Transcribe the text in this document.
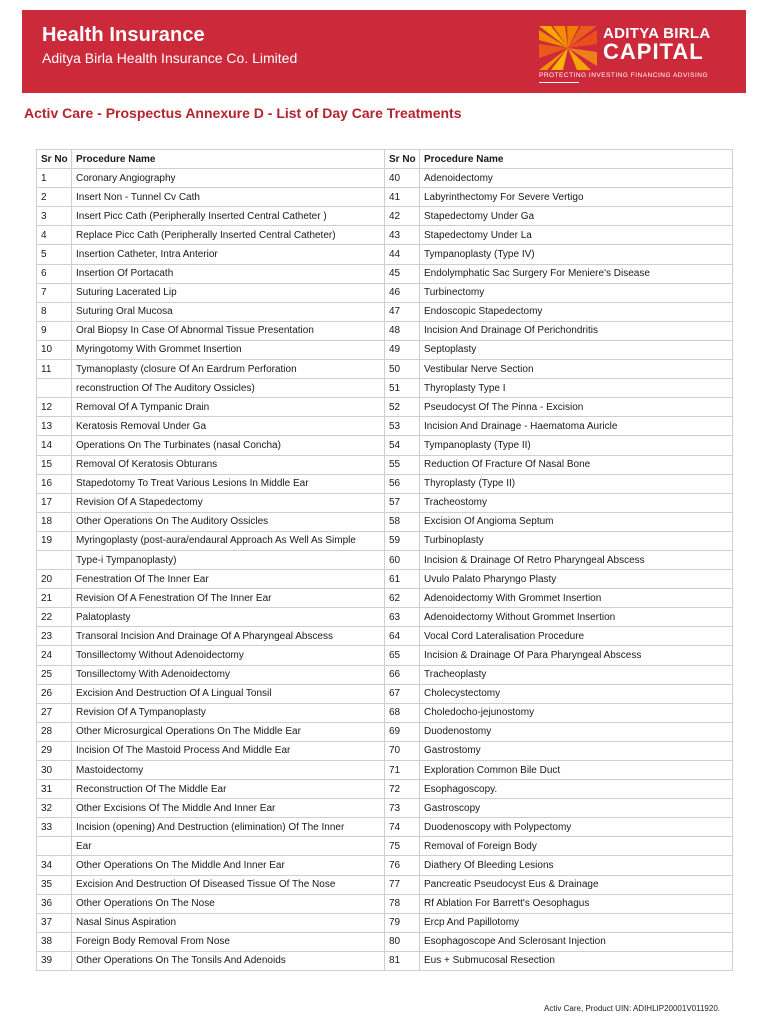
Health Insurance
Aditya Birla Health Insurance Co. Limited
ADITYA BIRLA
CAPITAL
PROTECTING INVESTING FINANCING ADVISING
Activ Care - Prospectus Annexure D - List of Day Care Treatments
Sr No	Procedure Name	Sr No	Procedure Name
1	Coronary Angiography	40	Adenoidectomy
2	Insert Non - Tunnel Cv Cath	41	Labyrinthectomy For Severe Vertigo
3	Insert Picc Cath (Peripherally Inserted Central Catheter )	42	Stapedectomy Under Ga
4	Replace Picc Cath (Peripherally Inserted Central Catheter)	43	Stapedectomy Under La
5	Insertion Catheter, Intra Anterior	44	Tympanoplasty (Type IV)
6	Insertion Of Portacath	45	Endolymphatic Sac Surgery For Meniere's Disease
7	Suturing Lacerated Lip	46	Turbinectomy
8	Suturing Oral Mucosa	47	Endoscopic Stapedectomy
9	Oral Biopsy In Case Of Abnormal Tissue Presentation	48	Incision And Drainage Of Perichondritis
10	Myringotomy With Grommet Insertion	49	Septoplasty
11	Tymanoplasty (closure Of An Eardrum Perforation	50	Vestibular Nerve Section
	reconstruction Of The Auditory Ossicles)	51	Thyroplasty Type I
12	Removal Of A Tympanic Drain	52	Pseudocyst Of The Pinna - Excision
13	Keratosis Removal Under Ga	53	Incision And Drainage - Haematoma Auricle
14	Operations On The Turbinates (nasal Concha)	54	Tympanoplasty (Type II)
15	Removal Of Keratosis Obturans	55	Reduction Of Fracture Of Nasal Bone
16	Stapedotomy To Treat Various Lesions In Middle Ear	56	Thyroplasty (Type II)
17	Revision Of A Stapedectomy	57	Tracheostomy
18	Other Operations On The Auditory Ossicles	58	Excision Of Angioma Septum
19	Myringoplasty (post-aura/endaural Approach As Well As Simple	59	Turbinoplasty
	Type-i Tympanoplasty)	60	Incision & Drainage Of Retro Pharyngeal Abscess
20	Fenestration Of The Inner Ear	61	Uvulo Palato Pharyngo Plasty
21	Revision Of A Fenestration Of The Inner Ear	62	Adenoidectomy With Grommet Insertion
22	Palatoplasty	63	Adenoidectomy Without Grommet Insertion
23	Transoral Incision And Drainage Of A Pharyngeal Abscess	64	Vocal Cord Lateralisation Procedure
24	Tonsillectomy Without Adenoidectomy	65	Incision & Drainage Of Para Pharyngeal Abscess
25	Tonsillectomy With Adenoidectomy	66	Tracheoplasty
26	Excision And Destruction Of A Lingual Tonsil	67	Cholecystectomy
27	Revision Of A Tympanoplasty	68	Choledocho-jejunostomy
28	Other Microsurgical Operations On The Middle Ear	69	Duodenostomy
29	Incision Of The Mastoid Process And Middle Ear	70	Gastrostomy
30	Mastoidectomy	71	Exploration Common Bile Duct
31	Reconstruction Of The Middle Ear	72	Esophagoscopy.
32	Other Excisions Of The Middle And Inner Ear	73	Gastroscopy
33	Incision (opening) And Destruction (elimination) Of The Inner	74	Duodenoscopy with Polypectomy
	Ear	75	Removal of Foreign Body
34	Other Operations On The Middle And Inner Ear	76	Diathery Of Bleeding Lesions
35	Excision And Destruction Of Diseased Tissue Of The Nose	77	Pancreatic Pseudocyst Eus & Drainage
36	Other Operations On The Nose	78	Rf Ablation For Barrett's Oesophagus
37	Nasal Sinus Aspiration	79	Ercp And Papillotomy
38	Foreign Body Removal From Nose	80	Esophagoscope And Sclerosant Injection
39	Other Operations On The Tonsils And Adenoids	81	Eus + Submucosal Resection
Activ Care, Product UIN: ADIHLIP20001V011920.
